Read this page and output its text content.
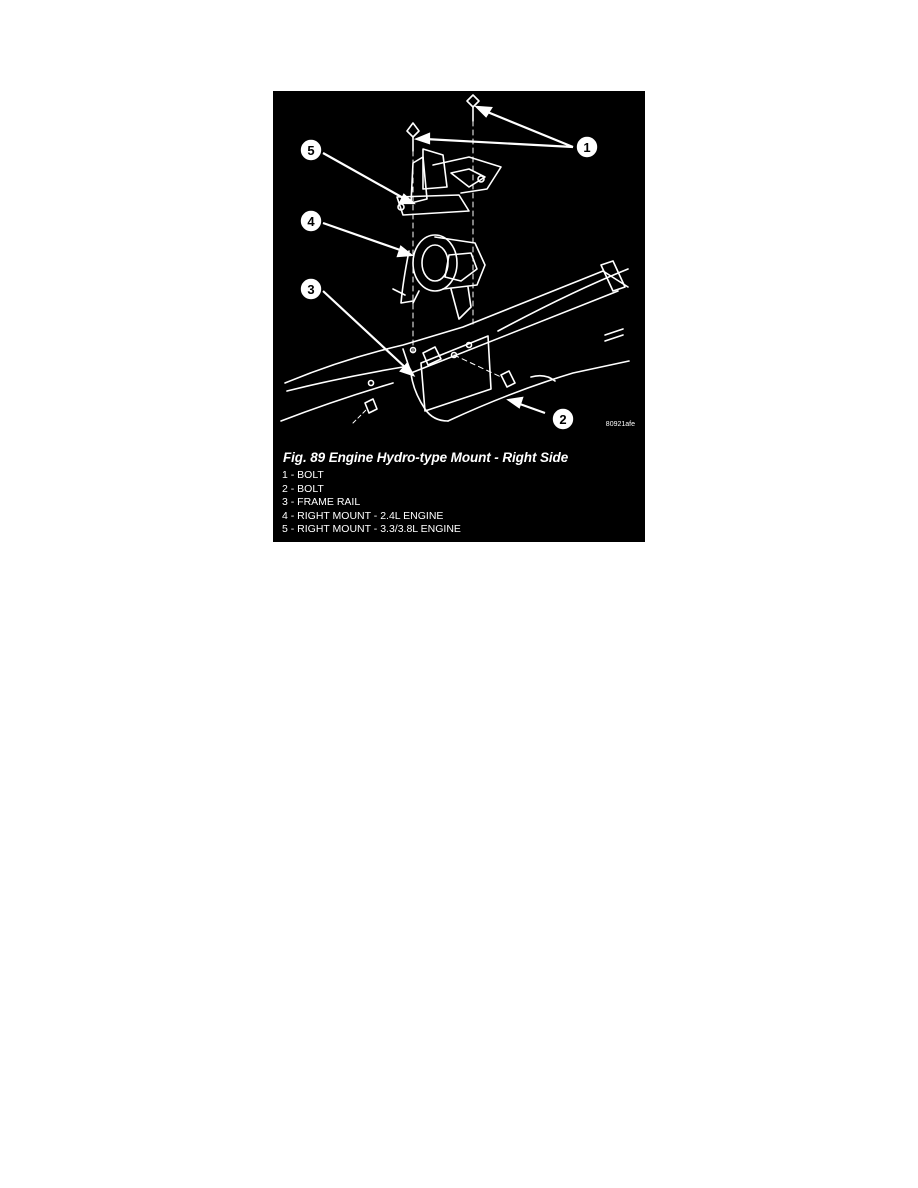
1
2
3
4
5
80921afe
Fig. 89 Engine Hydro-type Mount - Right Side
1 - BOLT
2 - BOLT
3 - FRAME RAIL
4 - RIGHT MOUNT - 2.4L ENGINE
5 - RIGHT MOUNT - 3.3/3.8L ENGINE
